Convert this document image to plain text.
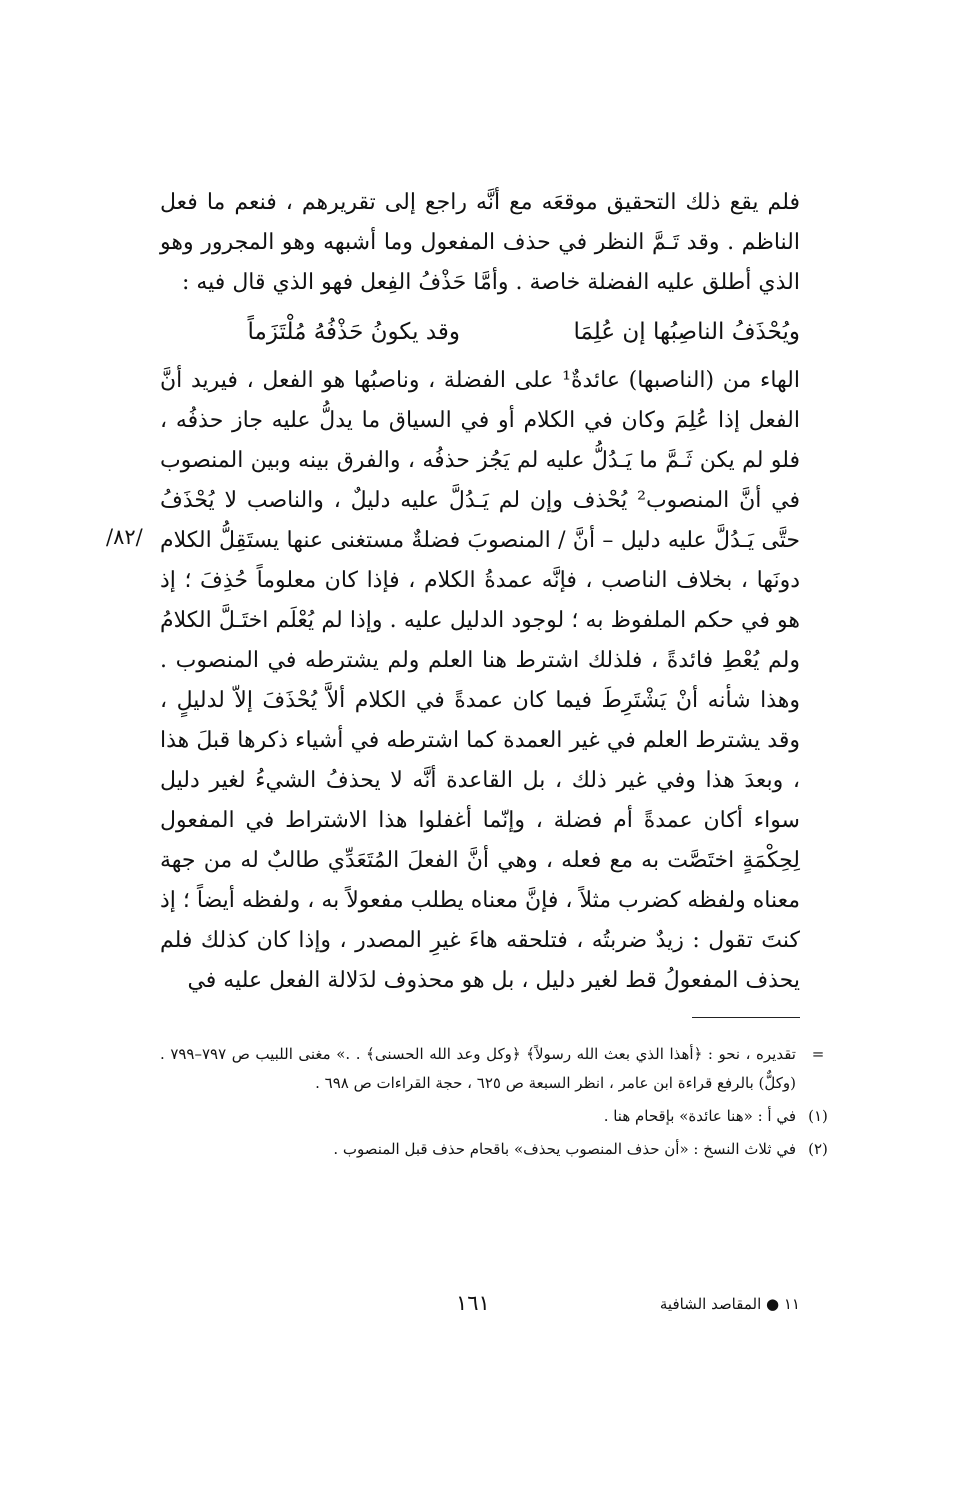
فلم يقع ذلك التحقيق موقعَه مع أنَّه راجع إلى تقريرهم ، فنعم ما فعل الناظم . وقد تَـمَّ النظر في حذف المفعول وما أشبهه وهو المجرور وهو الذي أطلق عليه الفضلة خاصة . وأمَّا حَذْفُ الفِعل فهو الذي قال فيه :

ويُحْذَفُ الناصِبُها إن عُلِمَا
وقد يكونُ حَذْفُهُ مُلْتَزَماً

الهاء من (الناصبها) عائدةٌ¹ على الفضلة ، وناصبُها هو الفعل ، فيريد أنَّ الفعل إذا عُلِمَ وكان في الكلام أو في السياق ما يدلُّ عليه جاز حذفُه ، فلو لم يكن ثَـمَّ ما يَـدُلُّ عليه لم يَجُز حذفُه ، والفرق بينه وبين المنصوب في أنَّ المنصوب² يُحْذف وإن لم يَـدُلَّ عليه دليلٌ ، والناصب لا يُحْذَفُ حتَّى يَـدُلَّ عليه دليل – أنَّ / المنصوبَ فضلةٌ مستغنى عنها يستَقِلُّ الكلام دونَها ، بخلاف الناصب ، فإنَّه عمدةُ الكلام ، فإذا كان معلوماً حُذِفَ ؛ إذ هو في حكم الملفوظ به ؛ لوجود الدليل عليه . وإذا لم يُعْلَم اختَـلَّ الكلامُ ولم يُعْطِ فائدةً ، فلذلك اشترط هنا العلم ولم يشترطه في المنصوب . وهذا شأنه أنْ يَشْتَرِطَ فيما كان عمدةً في الكلام ألاَّ يُحْذَفَ إلاّ لدليلٍ ، وقد يشترط العلم في غير العمدة كما اشترطه في أشياء ذكرها قبلَ هذا ، وبعدَ هذا وفي غير ذلك ، بل القاعدة أنَّه لا يحذفُ الشيءُ لغير دليل سواء أكان عمدةً أم فضلة ، وإنّما أغفلوا هذا الاشتراط في المفعول لِحِكْمَةٍ اختَصَّت به مع فعله ، وهي أنَّ الفعلَ المُتَعَدِّي طالبٌ له من جهة معناه ولفظه كضرب مثلاً ، فإنَّ معناه يطلب مفعولاً به ، ولفظه أيضاً ؛ إذ كنتَ تقول : زيدٌ ضربتُه ، فتلحقه هاءَ غيرِ المصدر ، وإذا كان كذلك فلم يحذف المفعولُ قط لغير دليل ، بل هو محذوف لدَلالة الفعل عليه في

/٨٢/
=
تقديره ، نحو : ﴿أهذا الذي بعث الله رسولاً﴾ ﴿وكل وعد الله الحسنى﴾ . .» مغنى اللبيب ص ٧٩٧–٧٩٩ . (وكلٌّ) بالرفع قراءة ابن عامر ، انظر السبعة ص ٦٢٥ ، حجة القراءات ص ٦٩٨ .
(١)
في أ : «هنا عائدة» بإقحام هنا .
(٢)
في ثلاث النسخ : «أن حذف المنصوب يحذف» باقحام حذف قبل المنصوب .
١٦١	١١ ● المقاصد الشافية
